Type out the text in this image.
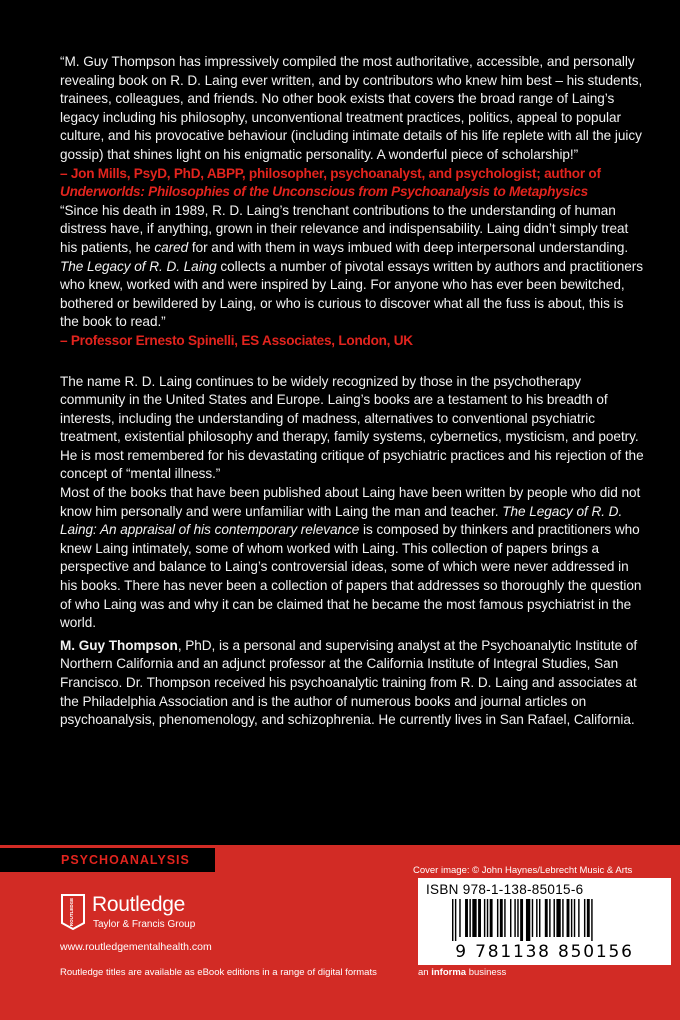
“M. Guy Thompson has impressively compiled the most authoritative, accessible, and personally revealing book on R. D. Laing ever written, and by contributors who knew him best – his students, trainees, colleagues, and friends. No other book exists that covers the broad range of Laing’s legacy including his philosophy, unconventional treatment practices, politics, appeal to popular culture, and his provocative behaviour (including intimate details of his life replete with all the juicy gossip) that shines light on his enigmatic personality. A wonderful piece of scholarship!”
– Jon Mills, PsyD, PhD, ABPP, philosopher, psychoanalyst, and psychologist; author of
Underworlds: Philosophies of the Unconscious from Psychoanalysis to Metaphysics

“Since his death in 1989, R. D. Laing’s trenchant contributions to the understanding of human distress have, if anything, grown in their relevance and indispensability. Laing didn’t simply treat his patients, he cared for and with them in ways imbued with deep interpersonal understanding. The Legacy of R. D. Laing collects a number of pivotal essays written by authors and practitioners who knew, worked with and were inspired by Laing. For anyone who has ever been bewitched, bothered or bewildered by Laing, or who is curious to discover what all the fuss is about, this is the book to read.”
– Professor Ernesto Spinelli, ES Associates, London, UK

The name R. D. Laing continues to be widely recognized by those in the psychotherapy community in the United States and Europe. Laing’s books are a testament to his breadth of interests, including the understanding of madness, alternatives to conventional psychiatric treatment, existential philosophy and therapy, family systems, cybernetics, mysticism, and poetry. He is most remembered for his devastating critique of psychiatric practices and his rejection of the concept of “mental illness.”

Most of the books that have been published about Laing have been written by people who did not know him personally and were unfamiliar with Laing the man and teacher. The Legacy of R. D. Laing: An appraisal of his contemporary relevance is composed by thinkers and practitioners who knew Laing intimately, some of whom worked with Laing. This collection of papers brings a perspective and balance to Laing’s controversial ideas, some of which were never addressed in his books. There has never been a collection of papers that addresses so thoroughly the question of who Laing was and why it can be claimed that he became the most famous psychiatrist in the world.

M. Guy Thompson, PhD, is a personal and supervising analyst at the Psychoanalytic Institute of Northern California and an adjunct professor at the California Institute of Integral Studies, San Francisco. Dr. Thompson received his psychoanalytic training from R. D. Laing and associates at the Philadelphia Association and is the author of numerous books and journal articles on psychoanalysis, phenomenology, and schizophrenia. He currently lives in San Rafael, California.

PSYCHOANALYSIS
Cover image: © John Haynes/Lebrecht Music & Arts
ISBN 978-1-138-85015-6
9 781138 850156
an informa business
ROUTLEDGE Routledge
Taylor & Francis Group
www.routledgementalhealth.com
Routledge titles are available as eBook editions in a range of digital formats
